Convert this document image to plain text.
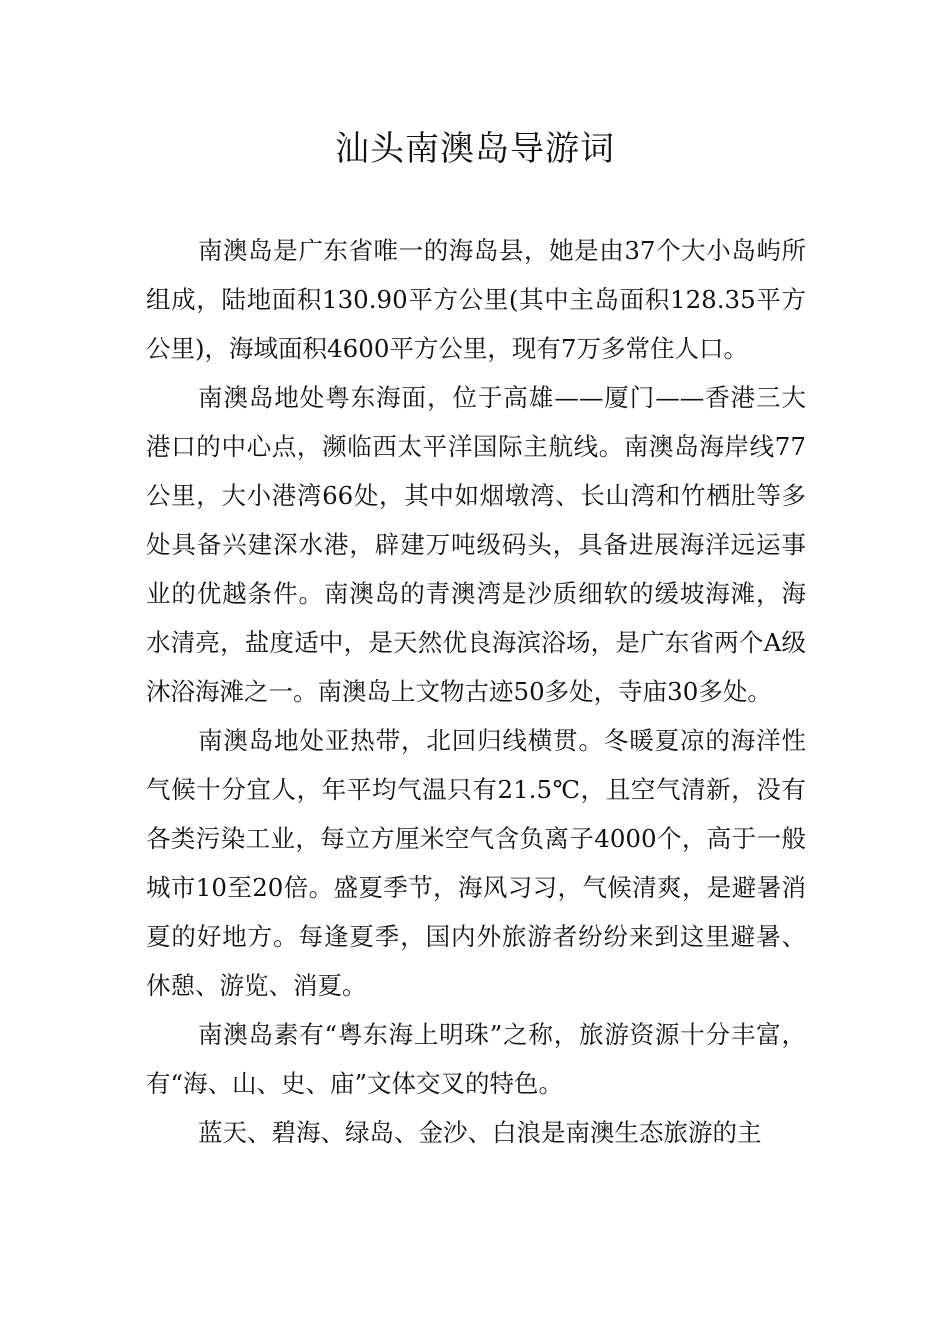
汕头南澳岛导游词

南澳岛是广东省唯一的海岛县，她是由37个大小岛屿所组成，陆地面积130.90平方公里(其中主岛面积128.35平方公里)，海域面积4600平方公里，现有7万多常住人口。

南澳岛地处粤东海面，位于高雄——厦门——香港三大港口的中心点，濒临西太平洋国际主航线。南澳岛海岸线77公里，大小港湾66处，其中如烟墩湾、长山湾和竹栖肚等多处具备兴建深水港，辟建万吨级码头，具备进展海洋远运事业的优越条件。南澳岛的青澳湾是沙质细软的缓坡海滩，海水清亮，盐度适中，是天然优良海滨浴场，是广东省两个A级沐浴海滩之一。南澳岛上文物古迹50多处，寺庙30多处。

南澳岛地处亚热带，北回归线横贯。冬暖夏凉的海洋性气候十分宜人，年平均气温只有21.5℃，且空气清新，没有各类污染工业，每立方厘米空气含负离子4000个，高于一般城市10至20倍。盛夏季节，海风习习，气候清爽，是避暑消夏的好地方。每逢夏季，国内外旅游者纷纷来到这里避暑、休憩、游览、消夏。

南澳岛素有“粤东海上明珠”之称，旅游资源十分丰富，有“海、山、史、庙”文体交叉的特色。

蓝天、碧海、绿岛、金沙、白浪是南澳生态旅游的主
